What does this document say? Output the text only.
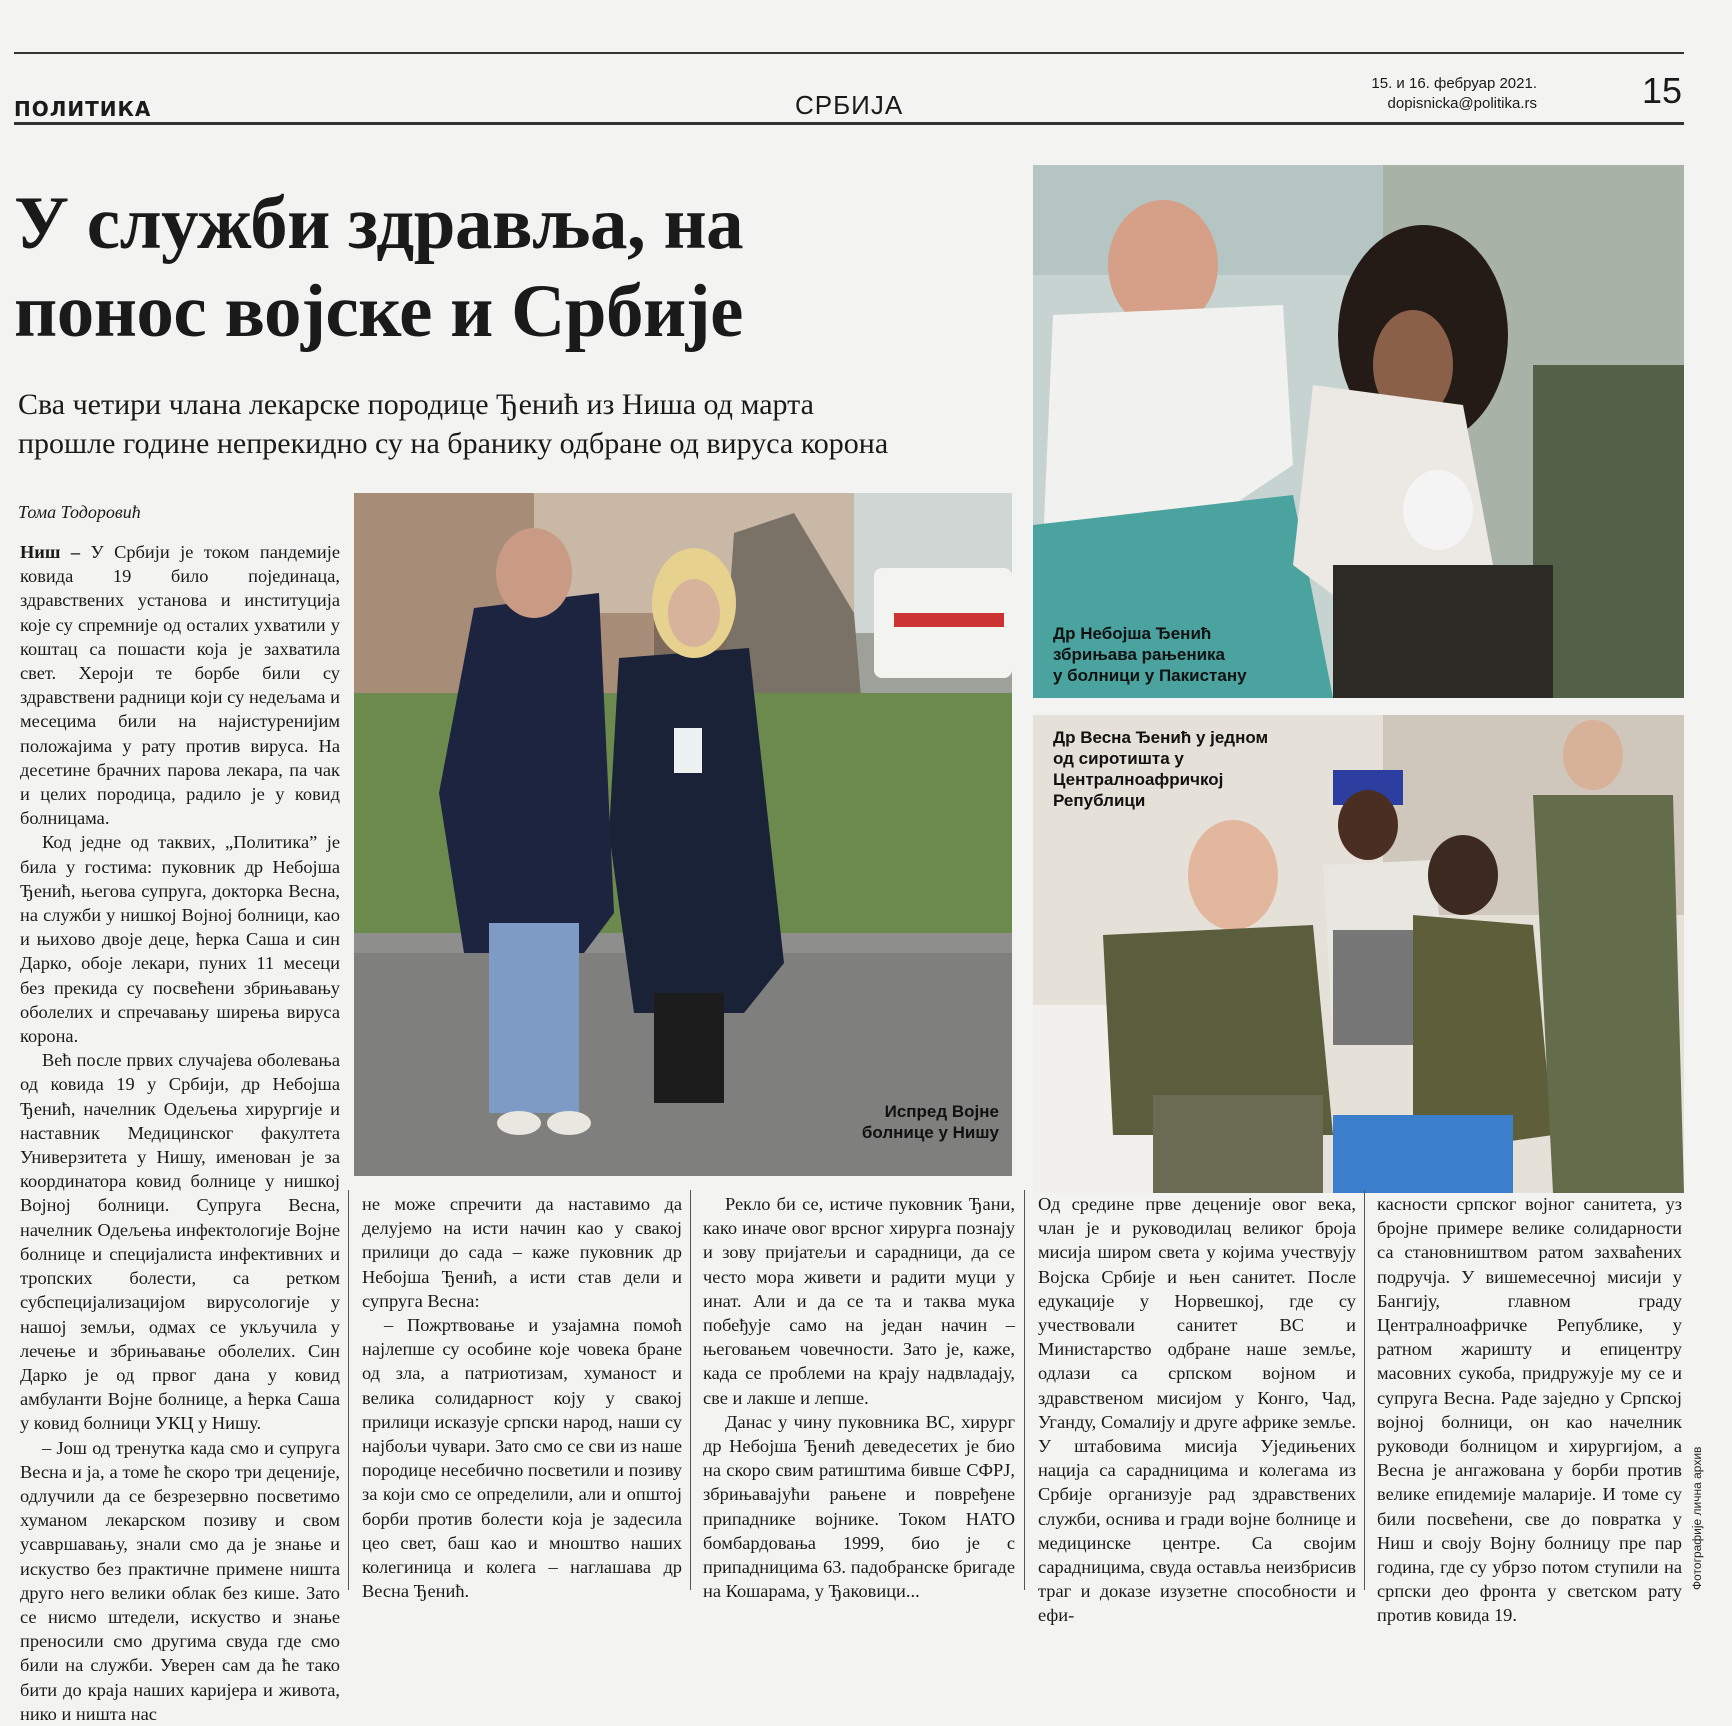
ПОЛИТИКА	СРБИЈА
15. и 16. фебруар 2021.
dopisnicka@politika.rs	15
У служби здравља, на
понос војске и Србије
Сва четири члана лекарске породице Ђенић из Ниша од марта
прошле године непрекидно су на бранику одбране од вируса корона
Тома Тодоровић
Испред Војне
болнице у Нишу
Др Небојша Ђенић
збрињава рањеника
у болници у Пакистану
Др Весна Ђенић у једном
од сиротишта у
Централноафричкој
Републици
Фотографије лична архив

Ниш – У Србији је током пандемије ковида 19 било појединаца, здравствених установа и институција које су спремније од осталих ухватили у коштац са пошасти која је захватила свет. Хероји те борбе били су здравствени радници који су недељама и месецима били на најистуренијим положајима у рату против вируса. На десетине брачних парова лекара, па чак и целих породица, радило је у ковид болницама.

Код једне од таквих, „Политика” је била у гостима: пуковник др Небојша Ђенић, његова супруга, докторка Весна, на служби у нишкој Војној болници, као и њихово двоје деце, ћерка Саша и син Дарко, обоје лекари, пуних 11 месеци без прекида су посвећени збрињавању оболелих и спречавању ширења вируса корона.

Већ после првих случајева оболевања од ковида 19 у Србији, др Небојша Ђенић, начелник Одељења хирургије и наставник Медицинског факултета Универзитета у Нишу, именован је за координатора ковид болнице у нишкој Војној болници. Супруга Весна, начелник Одељења инфектологије Војне болнице и специјалиста инфективних и тропских болести, са ретком субспецијализацијом вирусологије у нашој земљи, одмах се укључила у лечење и збрињавање оболелих. Син Дарко је од првог дана у ковид амбуланти Војне болнице, а ћерка Саша у ковид болници УКЦ у Нишу.

– Још од тренутка када смо и супруга Весна и ја, а томе ће скоро три деценије, одлучили да се безрезервно посветимо хуманом лекарском позиву и свом усавршавању, знали смо да је знање и искуство без практичне примене ништа друго него велики облак без кише. Зато се нисмо штедели, искуство и знање преносили смо другима свуда где смо били на служби. Уверен сам да ће тако бити до краја наших каријера и живота, нико и ништа нас

не може спречити да наставимо да делујемо на исти начин као у свакој прилици до сада – каже пуковник др Небојша Ђенић, а исти став дели и супруга Весна:

– Пожртвовање и узајамна помоћ најлепше су особине које човека бране од зла, а патриотизам, хуманост и велика солидарност коју у свакој прилици исказује српски народ, наши су најбољи чувари. Зато смо се сви из наше породице несебично посветили и позиву за који смо се определили, али и општој борби против болести која је задесила цео свет, баш као и мноштво наших колегиница и колега – наглашава др Весна Ђенић.

Рекло би се, истиче пуковник Ђани, како иначе овог врсног хирурга познају и зову пријатељи и сарадници, да се често мора живети и радити муци у инат. Али и да се та и таква мука побеђује само на један начин – његовањем човечности. Зато је, каже, када се проблеми на крају надвладају, све и лакше и лепше.

Данас у чину пуковника ВС, хирург др Небојша Ђенић деведесетих је био на скоро свим ратиштима бивше СФРЈ, збрињавајући рањене и повређене припаднике војнике. Током НАТО бомбардовања 1999, био је с припадницима 63. падобранске бригаде на Кошарама, у Ђаковици...

Од средине прве деценије овог века, члан је и руководилац великог броја мисија широм света у којима учествују Војска Србије и њен санитет. После едукације у Норвешкој, где су учествовали санитет ВС и Министарство одбране наше земље, одлази са српском војном и здравственом мисијом у Конго, Чад, Уганду, Сомалију и друге африке земље. У штабовима мисија Уједињених нација са сарадницима и колегама из Србије организује рад здравствених служби, оснива и гради војне болнице и медицинске центре. Са својим сарадницима, свуда оставља неизбрисив траг и доказе изузетне способности и ефи-

касности српског војног санитета, уз бројне примере велике солидарности са становништвом ратом захваћених подручја. У вишемесечној мисији у Бангију, главном граду Централноафричке Републике, у ратном жаришту и епицентру масовних сукоба, придружује му се и супруга Весна. Раде заједно у Српској војној болници, он као начелник руководи болницом и хирургијом, а Весна је ангажована у борби против велике епидемије маларије. И томе су били посвећени, све до повратка у Ниш и своју Војну болницу пре пар година, где су убрзо потом ступили на српски део фронта у светском рату против ковида 19.
